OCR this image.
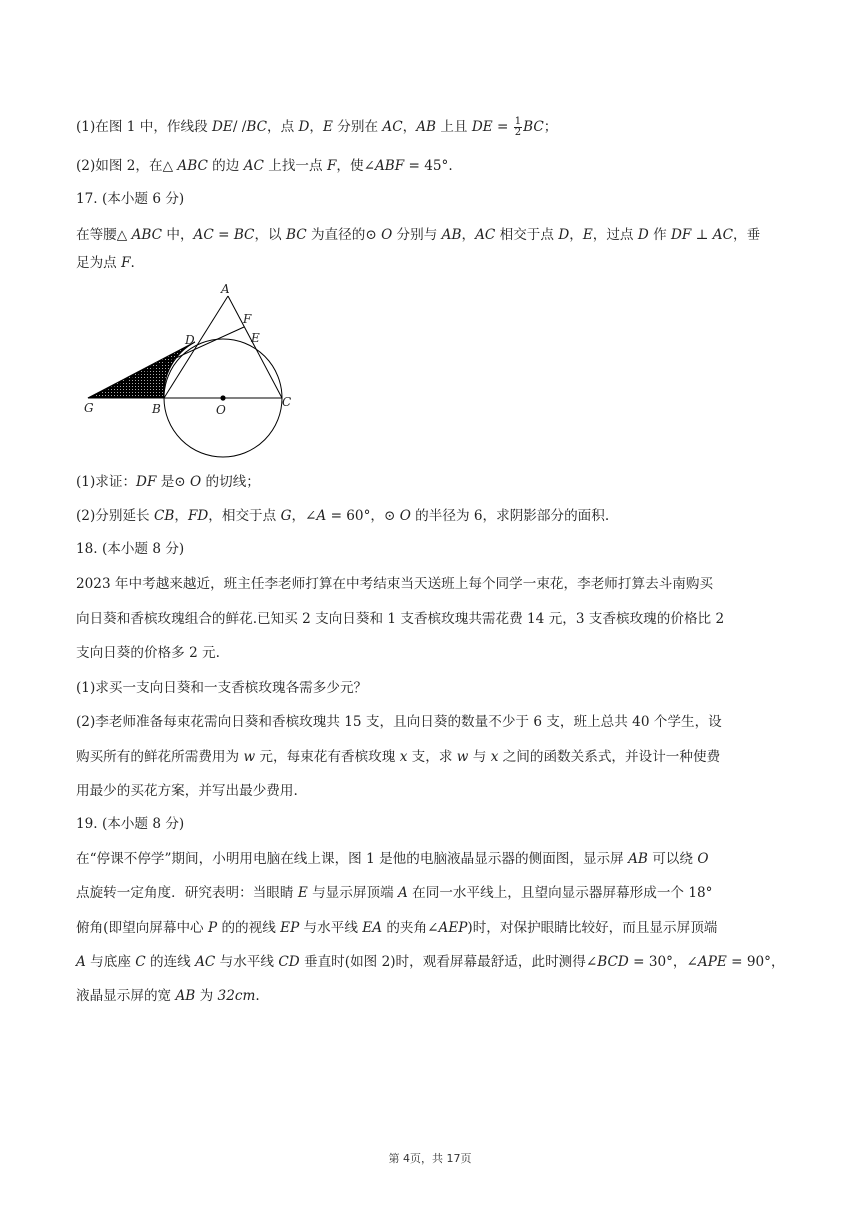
(1)在图 1 中，作线段 DE/ /BC，点 D，E 分别在 AC，AB 上且 DE = $\frac{1}{2}$ BC；
(2)如图 2，在△ ABC 的边 AC 上找一点 F，使∠ABF = 45°.
17. (本小题 6 分)
在等腰△ ABC 中，AC = BC，以 BC 为直径的⊙ O 分别与 AB，AC 相交于点 D，E，过点 D 作 DF ⊥ AC，垂
足为点 F.
A
F
D	E
G	B	O
C
(1)求证：DF 是⊙ O 的切线；
(2)分别延长 CB，FD，相交于点 G，∠A = 60°，⊙ O 的半径为 6，求阴影部分的面积.
18. (本小题 8 分)
2023 年中考越来越近，班主任李老师打算在中考结束当天送班上每个同学一束花，李老师打算去斗南购买
向日葵和香槟玫瑰组合的鲜花.已知买 2 支向日葵和 1 支香槟玫瑰共需花费 14 元，3 支香槟玫瑰的价格比 2
支向日葵的价格多 2 元.
(1)求买一支向日葵和一支香槟玫瑰各需多少元？
(2)李老师准备每束花需向日葵和香槟玫瑰共 15 支，且向日葵的数量不少于 6 支，班上总共 40 个学生，设
购买所有的鲜花所需费用为 w 元，每束花有香槟玫瑰 x 支，求 w 与 x 之间的函数关系式，并设计一种使费
用最少的买花方案，并写出最少费用.
19. (本小题 8 分)
在“停课不停学”期间，小明用电脑在线上课，图 1 是他的电脑液晶显示器的侧面图，显示屏 AB 可以绕 O
点旋转一定角度．研究表明：当眼睛 E 与显示屏顶端 A 在同一水平线上，且望向显示器屏幕形成一个 18°
俯角(即望向屏幕中心 P 的的视线 EP 与水平线 EA 的夹角∠AEP)时，对保护眼睛比较好，而且显示屏顶端
A 与底座 C 的连线 AC 与水平线 CD 垂直时(如图 2)时，观看屏幕最舒适，此时测得∠BCD = 30°，∠APE = 90°，
液晶显示屏的宽 AB 为 32cm.
第 4页，共 17页
